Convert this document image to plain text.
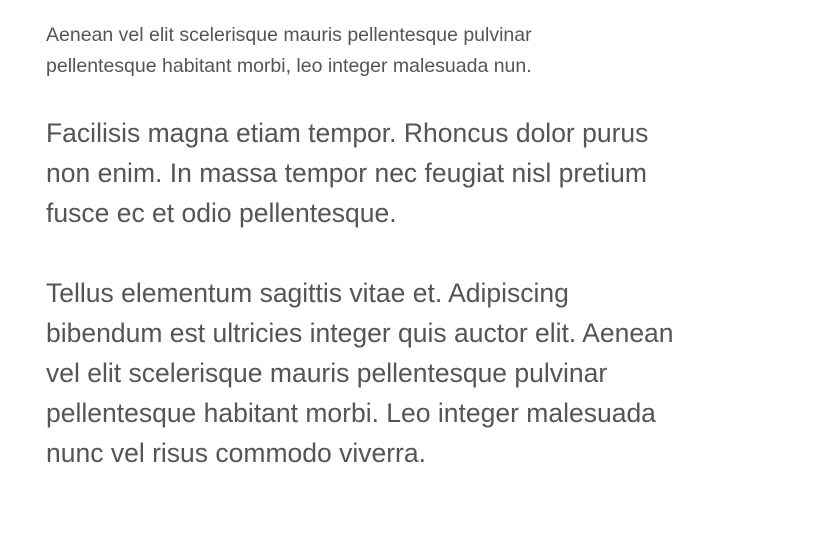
Aenean vel elit scelerisque mauris pellentesque pulvinar
pellentesque habitant morbi, leo integer malesuada nun.

Facilisis magna etiam tempor. Rhoncus dolor purus
non enim. In massa tempor nec feugiat nisl pretium
fusce ec et odio pellentesque.

Tellus elementum sagittis vitae et. Adipiscing
bibendum est ultricies integer quis auctor elit. Aenean
vel elit scelerisque mauris pellentesque pulvinar
pellentesque habitant morbi. Leo integer malesuada
nunc vel risus commodo viverra.
